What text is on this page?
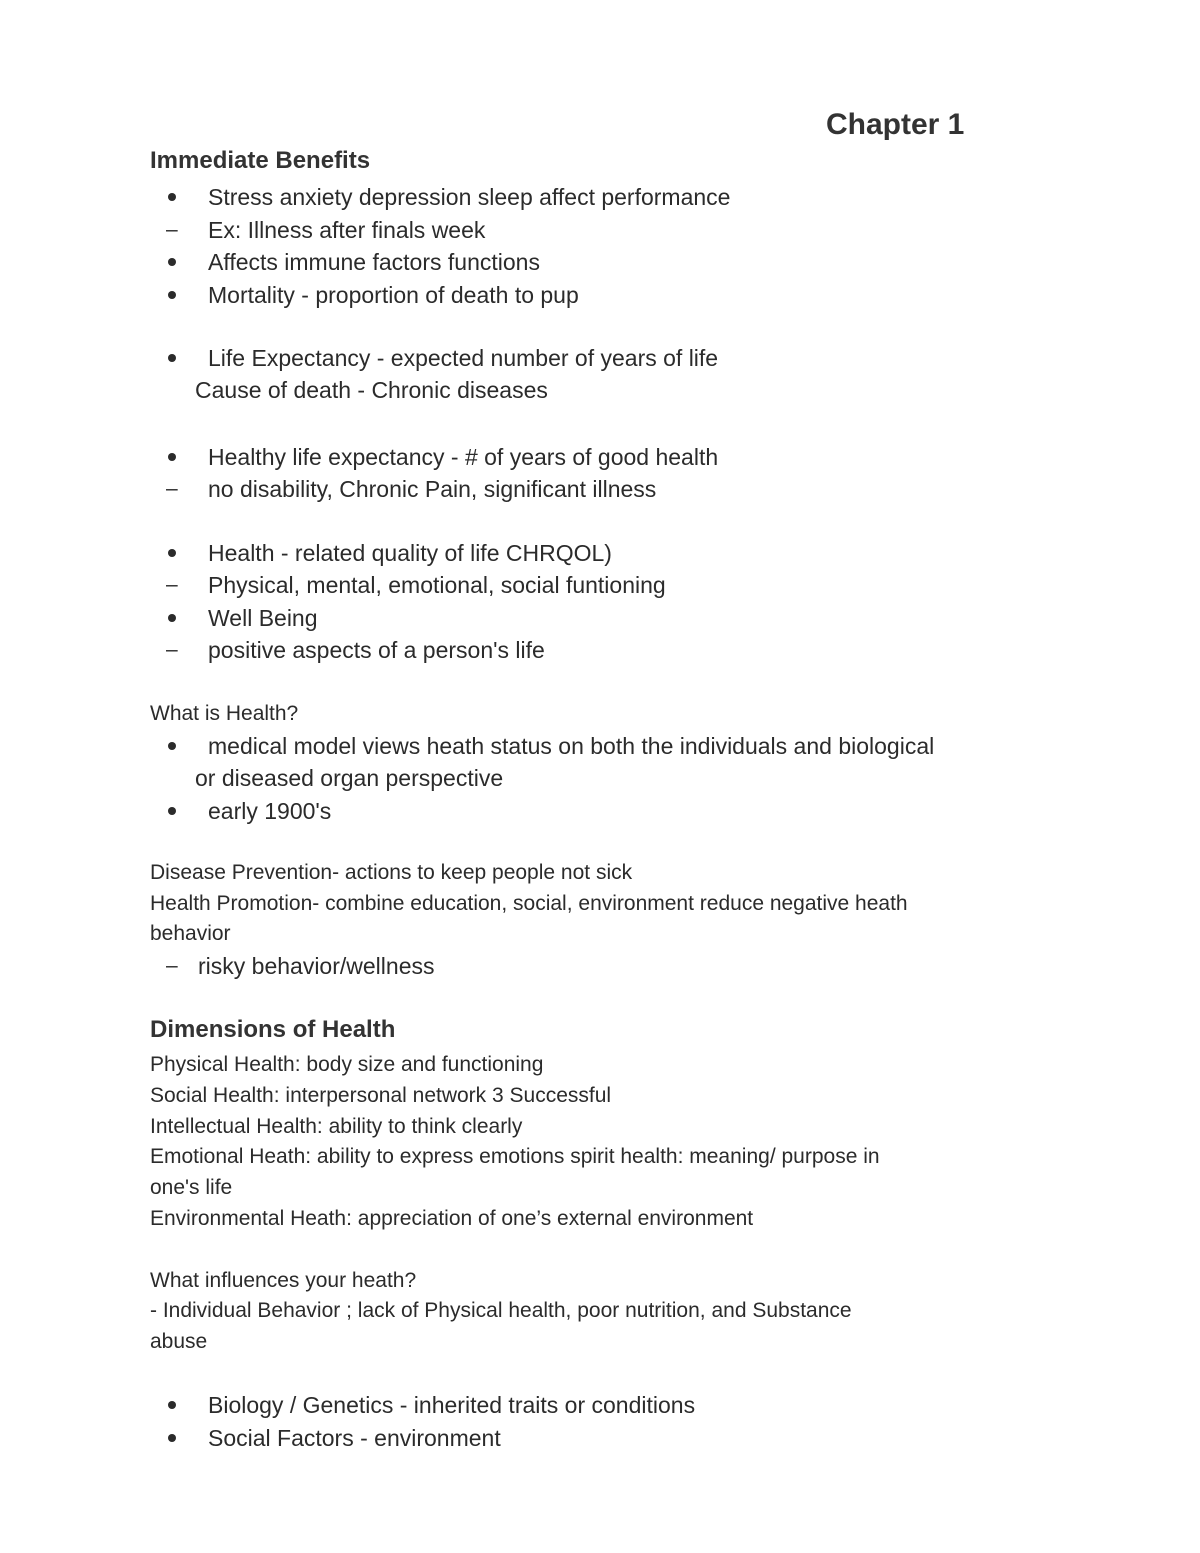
Chapter 1
Immediate Benefits
Stress anxiety depression sleep affect performance
– Ex: Illness after finals week
Affects immune factors functions
Mortality - proportion of death to pup
Life Expectancy - expected number of years of life
Cause of death - Chronic diseases
Healthy life expectancy - # of years of good health
– no disability, Chronic Pain, significant illness
Health - related quality of life CHRQOL)
– Physical, mental, emotional, social funtioning
Well Being
– positive aspects of a person's life
What is Health?
medical model views heath status on both the individuals and biological
or diseased organ perspective
early 1900's
Disease Prevention- actions to keep people not sick
Health Promotion- combine education, social, environment reduce negative heath
behavior
– risky behavior/wellness
Dimensions of Health
Physical Health: body size and functioning
Social Health: interpersonal network 3 Successful
Intellectual Health: ability to think clearly
Emotional Heath: ability to express emotions spirit health: meaning/ purpose in
one's life
Environmental Heath: appreciation of one’s external environment
What influences your heath?
- Individual Behavior ; lack of Physical health, poor nutrition, and Substance
abuse
Biology / Genetics - inherited traits or conditions
Social Factors - environment
